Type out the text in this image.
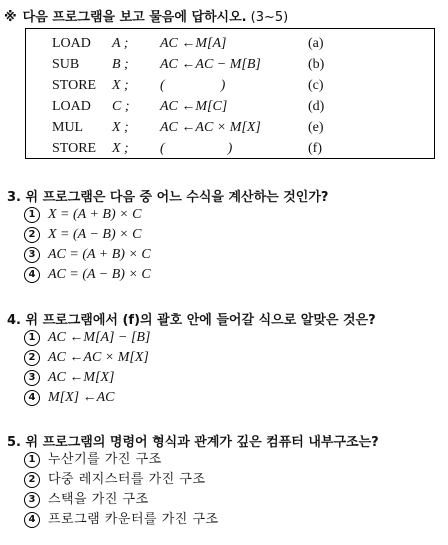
※ 다음 프로그램을 보고 물음에 답하시오. (3~5)
LOAD A ; AC ←M[A]	(a)
SUB B ; AC ←AC − M[B]	(b)
STORE X ; (                )	(c)
LOAD C ; AC ←M[C]	(d)
MUL X ; AC ←AC × M[X]	(e)
STORE X ; (                  )	(f)
3. 위 프로그램은 다음 중 어느 수식을 계산하는 것인가?
1 X = (A + B) × C
2 X = (A − B) × C
3 AC = (A + B) × C
4 AC = (A − B) × C
4. 위 프로그램에서 (f)의 괄호 안에 들어갈 식으로 알맞은 것은?
1 AC ←M[A] − [B]
2 AC ←AC × M[X]
3 AC ←M[X]
4 M[X] ←AC
5. 위 프로그램의 명령어 형식과 관계가 깊은 컴퓨터 내부구조는?
1 누산기를 가진 구조
2 다중 레지스터를 가진 구조
3 스택을 가진 구조
4 프로그램 카운터를 가진 구조
